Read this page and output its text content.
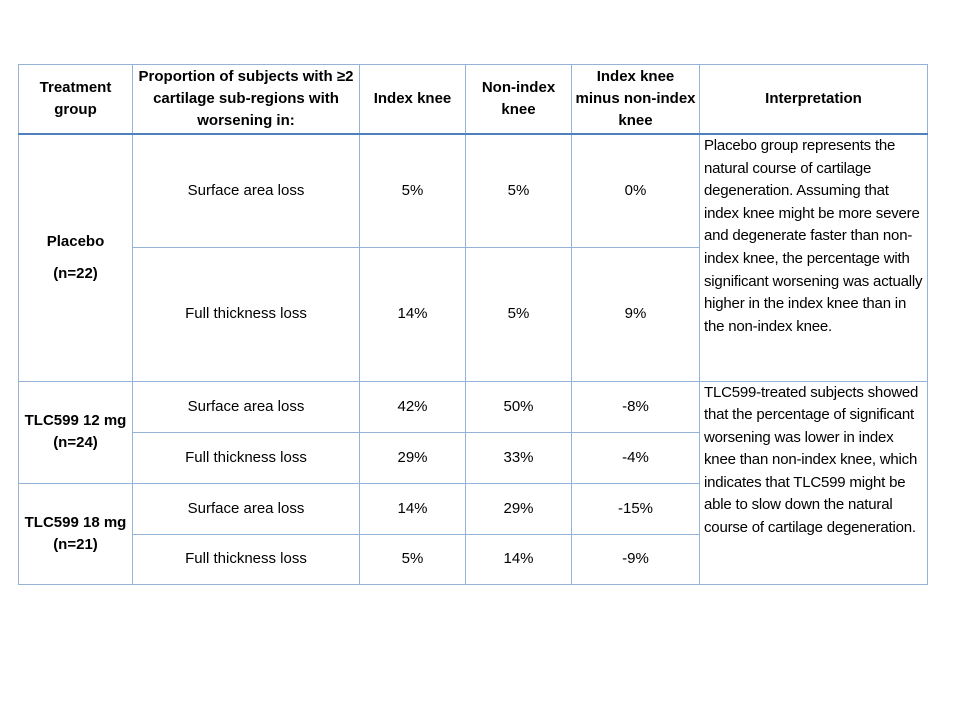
Treatment group	Proportion of subjects with ≥2 cartilage sub-regions with worsening in:	Index knee	Non-index knee	Index knee minus non-index knee	Interpretation

Placebo
(n=22)	Surface area loss	5%	5%	0%	Placebo group represents the natural course of cartilage degeneration. Assuming that index knee might be more severe and degenerate faster than non-index knee, the percentage with significant worsening was actually higher in the index knee than in the non-index knee.
	Full thickness loss	14%	5%	9%	
TLC599 12 mg (n=24)	Surface area loss	42%	50%	-8%	TLC599-treated subjects showed that the percentage of significant worsening was lower in index knee than non-index knee, which indicates that TLC599 might be able to slow down the natural course of cartilage degeneration.
	Full thickness loss	29%	33%	-4%	
TLC599 18 mg (n=21)	Surface area loss	14%	29%	-15%	
	Full thickness loss	5%	14%	-9%	
